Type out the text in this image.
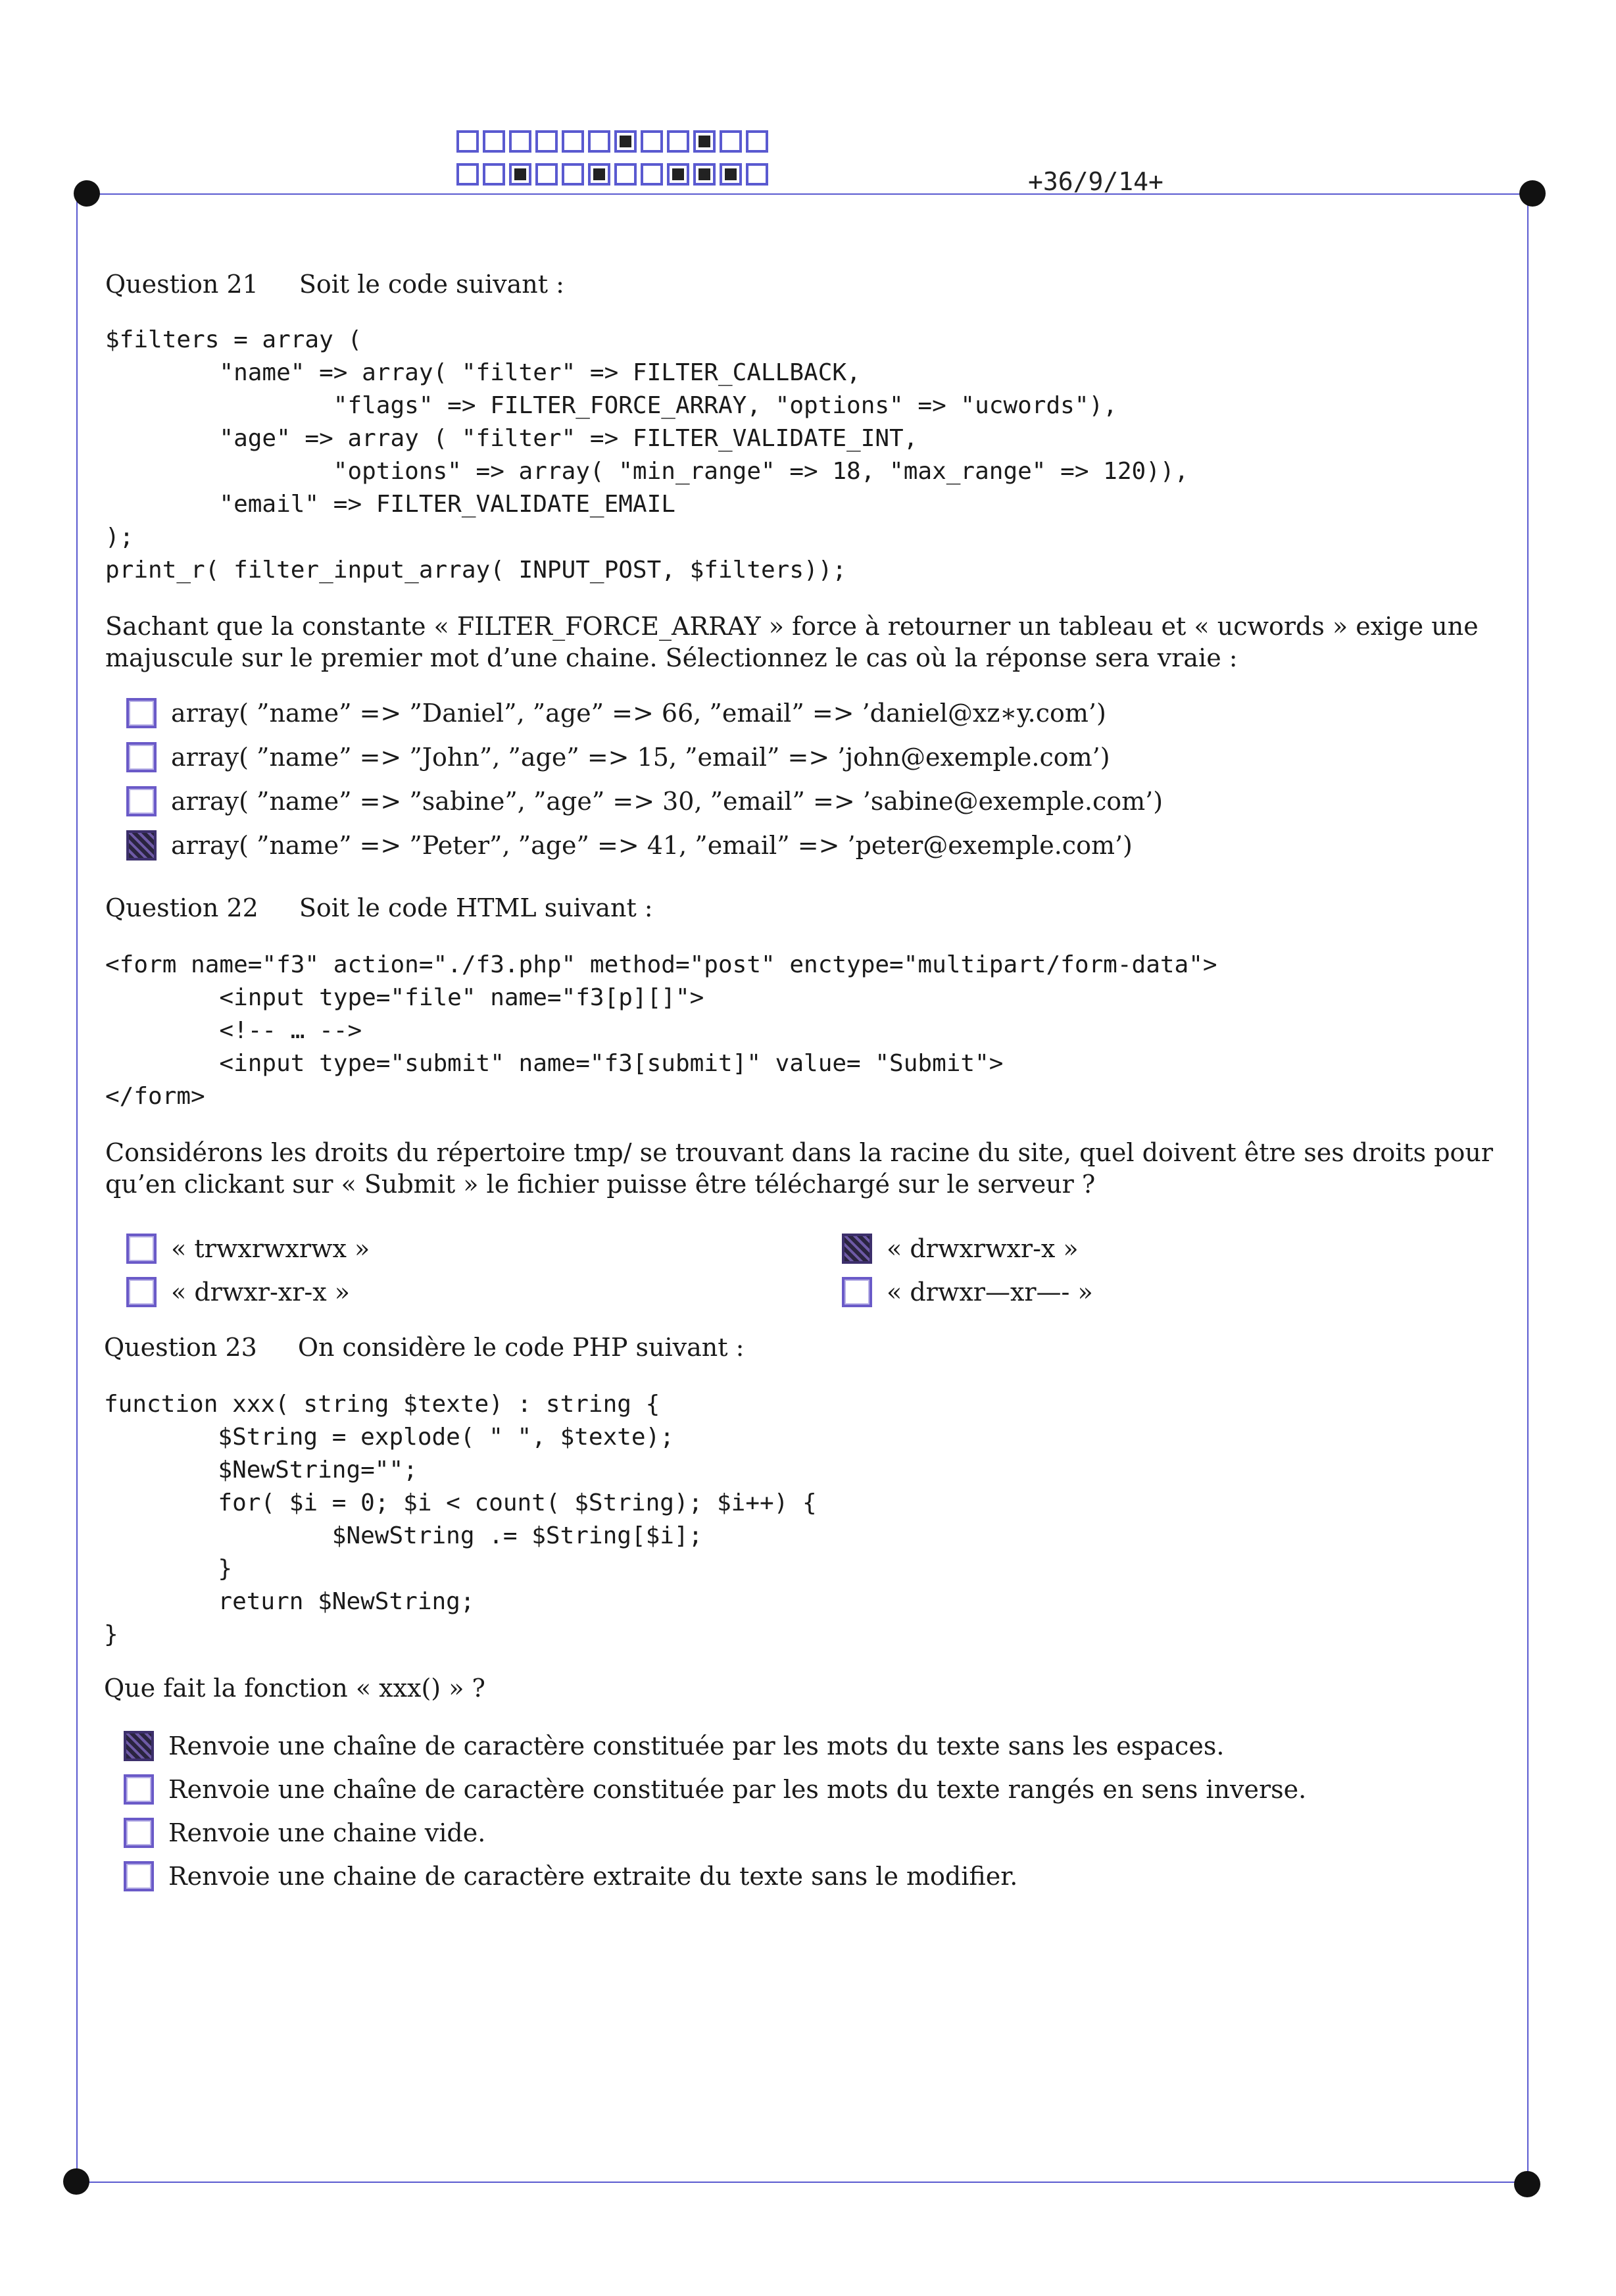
+36/9/14+
Question 21 Soit le code suivant :
$filters = array (
"name" => array( "filter" => FILTER_CALLBACK,
"flags" => FILTER_FORCE_ARRAY, "options" => "ucwords"),
"age" => array ( "filter" => FILTER_VALIDATE_INT,
"options" => array( "min_range" => 18, "max_range" => 120)),
"email" => FILTER_VALIDATE_EMAIL
);
print_r( filter_input_array( INPUT_POST, $filters));

Sachant que la constante « FILTER_FORCE_ARRAY » force à retourner un tableau et « ucwords » exige une majuscule sur le premier mot d’une chaine. Sélectionnez le cas où la réponse sera vraie :

array( ”name” => ”Daniel”, ”age” => 66, ”email” => ’daniel@xz∗y.com’)
array( ”name” => ”John”, ”age” => 15, ”email” => ’john@exemple.com’)
array( ”name” => ”sabine”, ”age” => 30, ”email” => ’sabine@exemple.com’)
array( ”name” => ”Peter”, ”age” => 41, ”email” => ’peter@exemple.com’)
Question 22 Soit le code HTML suivant :
<form name="f3" action="./f3.php" method="post" enctype="multipart/form-data">
<input type="file" name="f3[p][]">
<!-- … -->
<input type="submit" name="f3[submit]" value= "Submit">
</form>

Considérons les droits du répertoire tmp/ se trouvant dans la racine du site, quel doivent être ses droits pour qu’en clickant sur « Submit » le fichier puisse être téléchargé sur le serveur ?

« trwxrwxrwx »	« drwxrwxr-x »
« drwxr-xr-x »	« drwxr—xr—- »
Question 23 On considère le code PHP suivant :
function xxx( string $texte) : string {
$String = explode( " ", $texte);
$NewString="";
for( $i = 0; $i < count( $String); $i++) {
$NewString .= $String[$i];
}
return $NewString;
}

Que fait la fonction « xxx() » ?

Renvoie une chaîne de caractère constituée par les mots du texte sans les espaces.
Renvoie une chaîne de caractère constituée par les mots du texte rangés en sens inverse.
Renvoie une chaine vide.
Renvoie une chaine de caractère extraite du texte sans le modifier.
